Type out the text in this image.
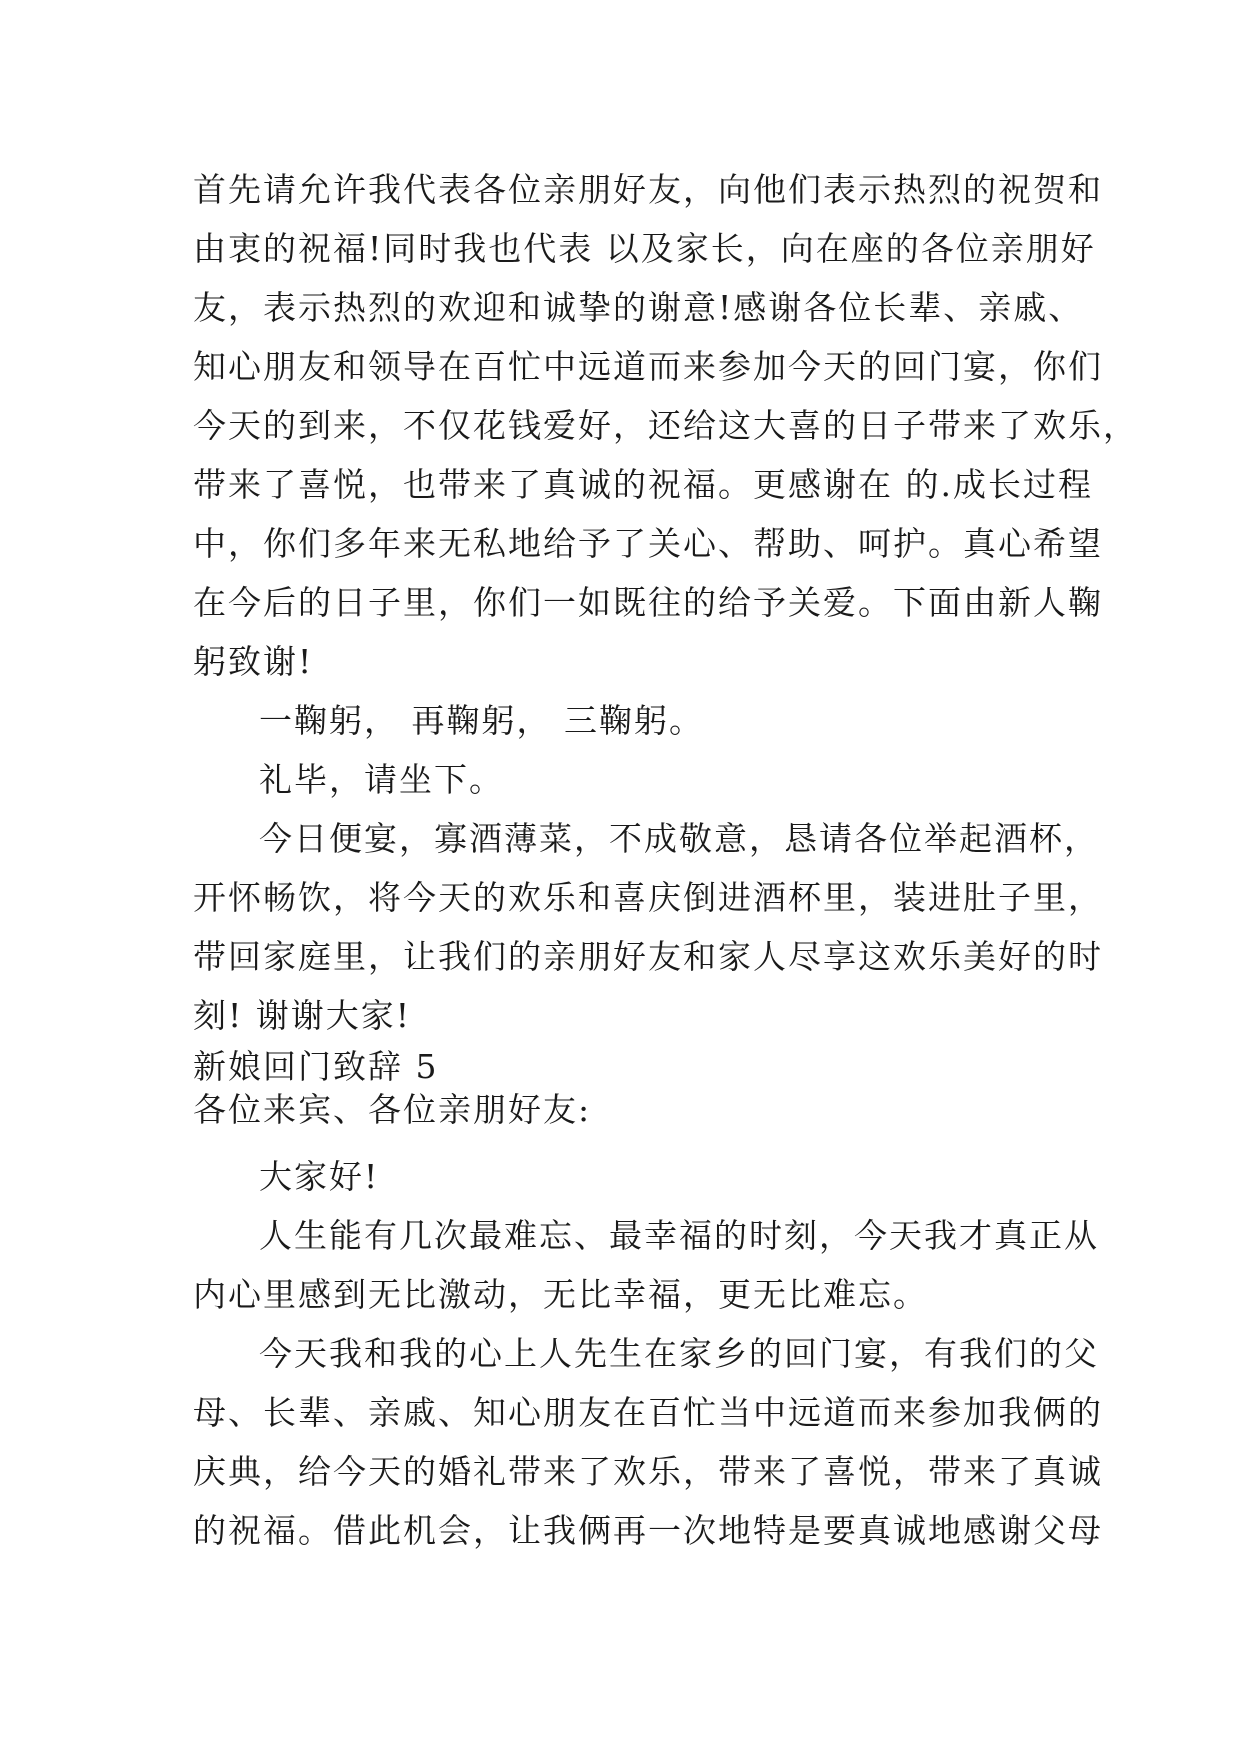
首先请允许我代表各位亲朋好友，向他们表示热烈的祝贺和

由衷的祝福!同时我也代表 以及家长，向在座的各位亲朋好

友，表示热烈的欢迎和诚挚的谢意!感谢各位长辈、亲戚、

知心朋友和领导在百忙中远道而来参加今天的回门宴，你们

今天的到来，不仅花钱爱好，还给这大喜的日子带来了欢乐，

带来了喜悦，也带来了真诚的祝福。更感谢在 的.成长过程

中，你们多年来无私地给予了关心、帮助、呵护。真心希望

在今后的日子里，你们一如既往的给予关爱。下面由新人鞠

躬致谢!

一鞠躬， 再鞠躬， 三鞠躬。

礼毕，请坐下。

今日便宴，寡酒薄菜，不成敬意，恳请各位举起酒杯，

开怀畅饮，将今天的欢乐和喜庆倒进酒杯里，装进肚子里，

带回家庭里，让我们的亲朋好友和家人尽享这欢乐美好的时

刻! 谢谢大家!

新娘回门致辞 5

各位来宾、各位亲朋好友:

大家好!

人生能有几次最难忘、最幸福的时刻，今天我才真正从

内心里感到无比激动，无比幸福，更无比难忘。

今天我和我的心上人先生在家乡的回门宴，有我们的父

母、长辈、亲戚、知心朋友在百忙当中远道而来参加我俩的

庆典，给今天的婚礼带来了欢乐，带来了喜悦，带来了真诚

的祝福。借此机会，让我俩再一次地特是要真诚地感谢父母
